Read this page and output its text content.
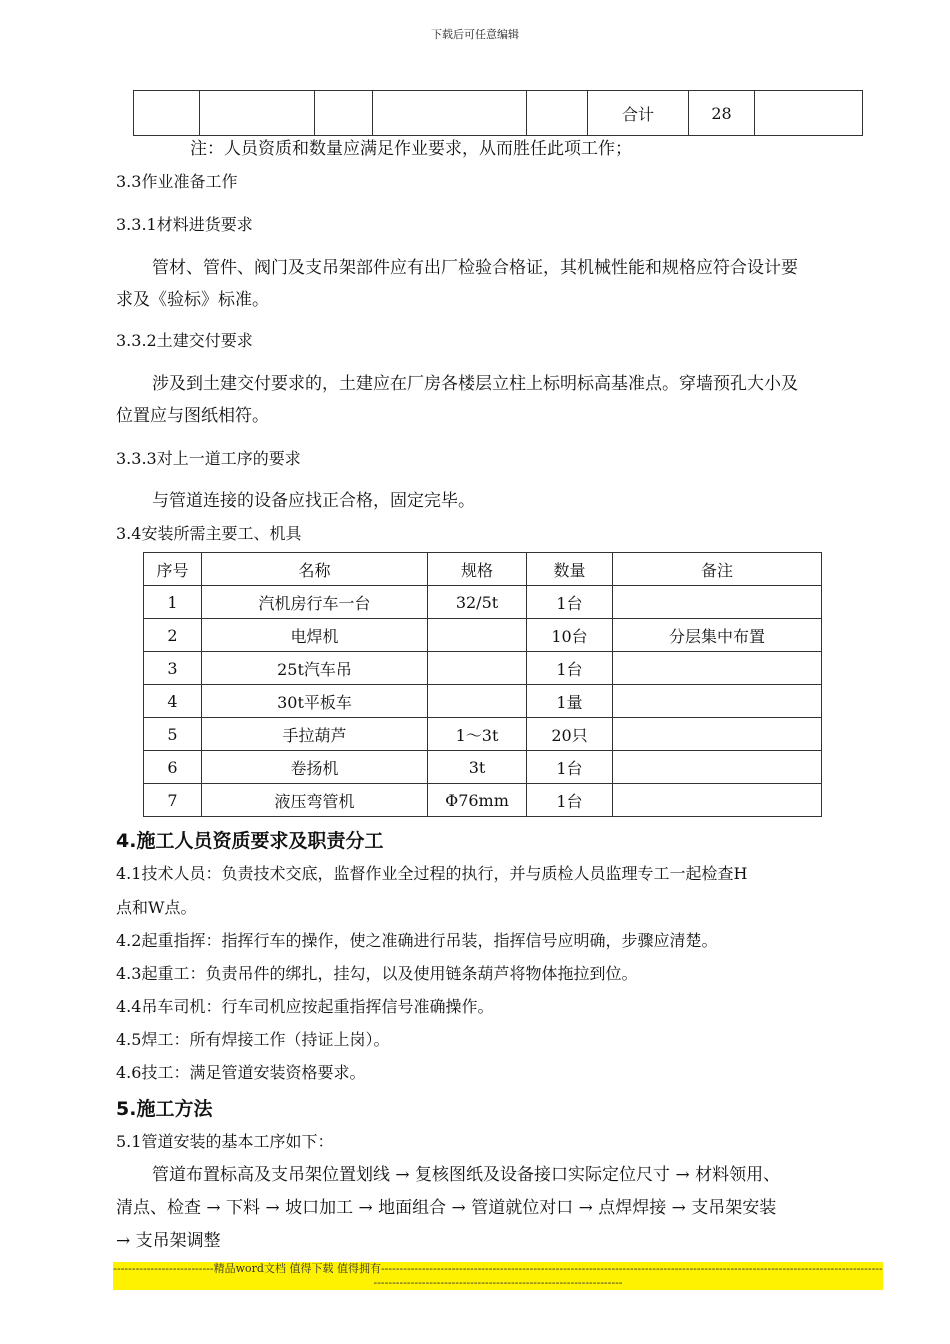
下载后可任意编辑
					合计	28	
注：人员资质和数量应满足作业要求，从而胜任此项工作；
3.3作业准备工作
3.3.1材料进货要求
管材、管件、阀门及支吊架部件应有出厂检验合格证，其机械性能和规格应符合设计要
求及《验标》标准。
3.3.2土建交付要求
涉及到土建交付要求的，土建应在厂房各楼层立柱上标明标高基准点。穿墙预孔大小及
位置应与图纸相符。
3.3.3对上一道工序的要求
与管道连接的设备应找正合格，固定完毕。
3.4安装所需主要工、机具
序号	名称	规格	数量	备注
1	汽机房行车一台	32/5t	1台	
2	电焊机		10台	分层集中布置
3	25t汽车吊		1台	
4	30t平板车		1量	
5	手拉葫芦	1～3t	20只	
6	卷扬机	3t	1台	
7	液压弯管机	Φ76mm	1台	
4.施工人员资质要求及职责分工
4.1技术人员：负责技术交底，监督作业全过程的执行，并与质检人员监理专工一起检查H
点和W点。
4.2起重指挥：指挥行车的操作，使之准确进行吊装，指挥信号应明确，步骤应清楚。
4.3起重工：负责吊件的绑扎，挂勾，以及使用链条葫芦将物体拖拉到位。
4.4吊车司机：行车司机应按起重指挥信号准确操作。
4.5焊工：所有焊接工作（持证上岗）。
4.6技工：满足管道安装资格要求。
5.施工方法
5.1管道安装的基本工序如下：
管道布置标高及支吊架位置划线 → 复核图纸及设备接口实际定位尺寸 → 材料领用、
清点、检查 → 下料 → 坡口加工 → 地面组合 → 管道就位对口 → 点焊焊接 → 支吊架安装
→ 支吊架调整
---------------------------精品word文档 值得下载 值得拥有----------------------------------------------------------------------------------------------------------------------------------------------------------------------------------------------------------
